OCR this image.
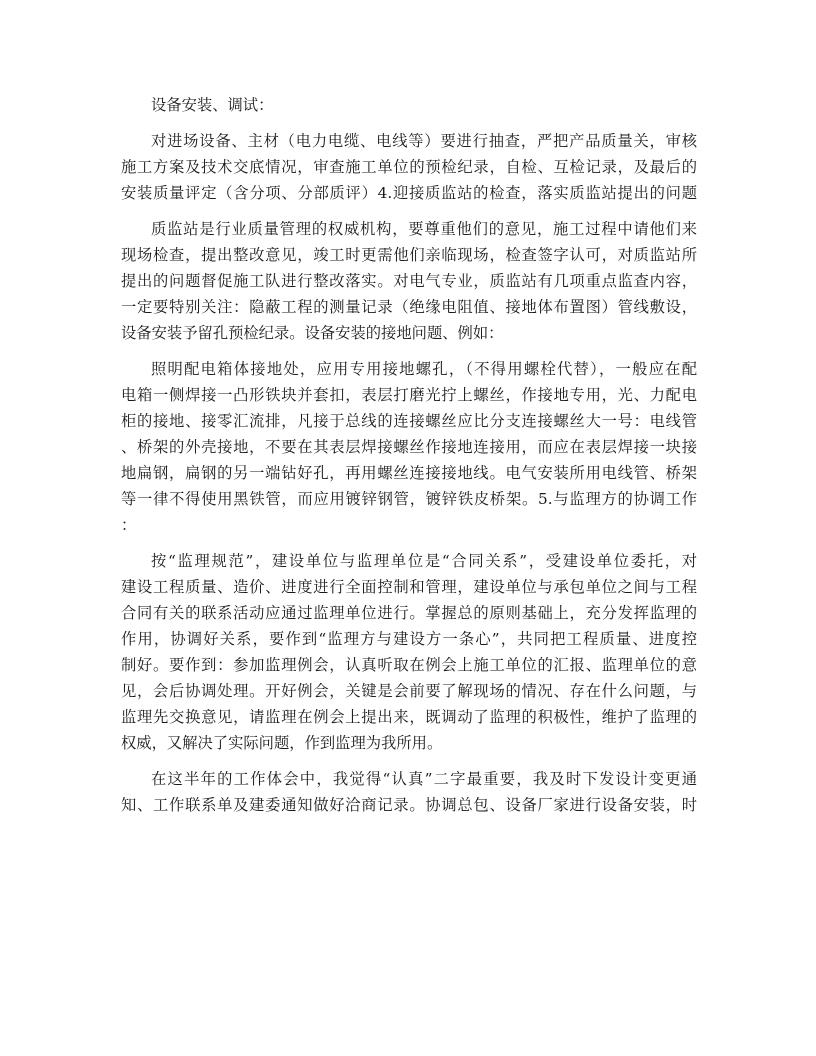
设备安装、调试：
对进场设备、主材（电力电缆、电线等）要进行抽查，严把产品质量关，审核
施工方案及技术交底情况，审查施工单位的预检纪录，自检、互检记录，及最后的
安装质量评定（含分项、分部质评）4.迎接质监站的检查，落实质监站提出的问题
质监站是行业质量管理的权威机构，要尊重他们的意见，施工过程中请他们来
现场检查，提出整改意见，竣工时更需他们亲临现场，检查签字认可，对质监站所
提出的问题督促施工队进行整改落实。对电气专业，质监站有几项重点监查内容，
一定要特别关注：隐蔽工程的测量记录（绝缘电阻值、接地体布置图）管线敷设，
设备安装予留孔预检纪录。设备安装的接地问题、例如：
照明配电箱体接地处，应用专用接地螺孔，（不得用螺栓代替），一般应在配
电箱一侧焊接一凸形铁块并套扣，表层打磨光拧上螺丝，作接地专用，光、力配电
柜的接地、接零汇流排，凡接于总线的连接螺丝应比分支连接螺丝大一号：电线管
、桥架的外壳接地，不要在其表层焊接螺丝作接地连接用，而应在表层焊接一块接
地扁钢，扁钢的另一端钻好孔，再用螺丝连接接地线。电气安装所用电线管、桥架
等一律不得使用黑铁管，而应用镀锌钢管，镀锌铁皮桥架。5.与监理方的协调工作
：
按“监理规范”，建设单位与监理单位是“合同关系”，受建设单位委托，对
建设工程质量、造价、进度进行全面控制和管理，建设单位与承包单位之间与工程
合同有关的联系活动应通过监理单位进行。掌握总的原则基础上，充分发挥监理的
作用，协调好关系，要作到“监理方与建设方一条心”，共同把工程质量、进度控
制好。要作到：参加监理例会，认真听取在例会上施工单位的汇报、监理单位的意
见，会后协调处理。开好例会，关键是会前要了解现场的情况、存在什么问题，与
监理先交换意见，请监理在例会上提出来，既调动了监理的积极性，维护了监理的
权威，又解决了实际问题，作到监理为我所用。
在这半年的工作体会中，我觉得“认真”二字最重要，我及时下发设计变更通
知、工作联系单及建委通知做好洽商记录。协调总包、设备厂家进行设备安装，时
